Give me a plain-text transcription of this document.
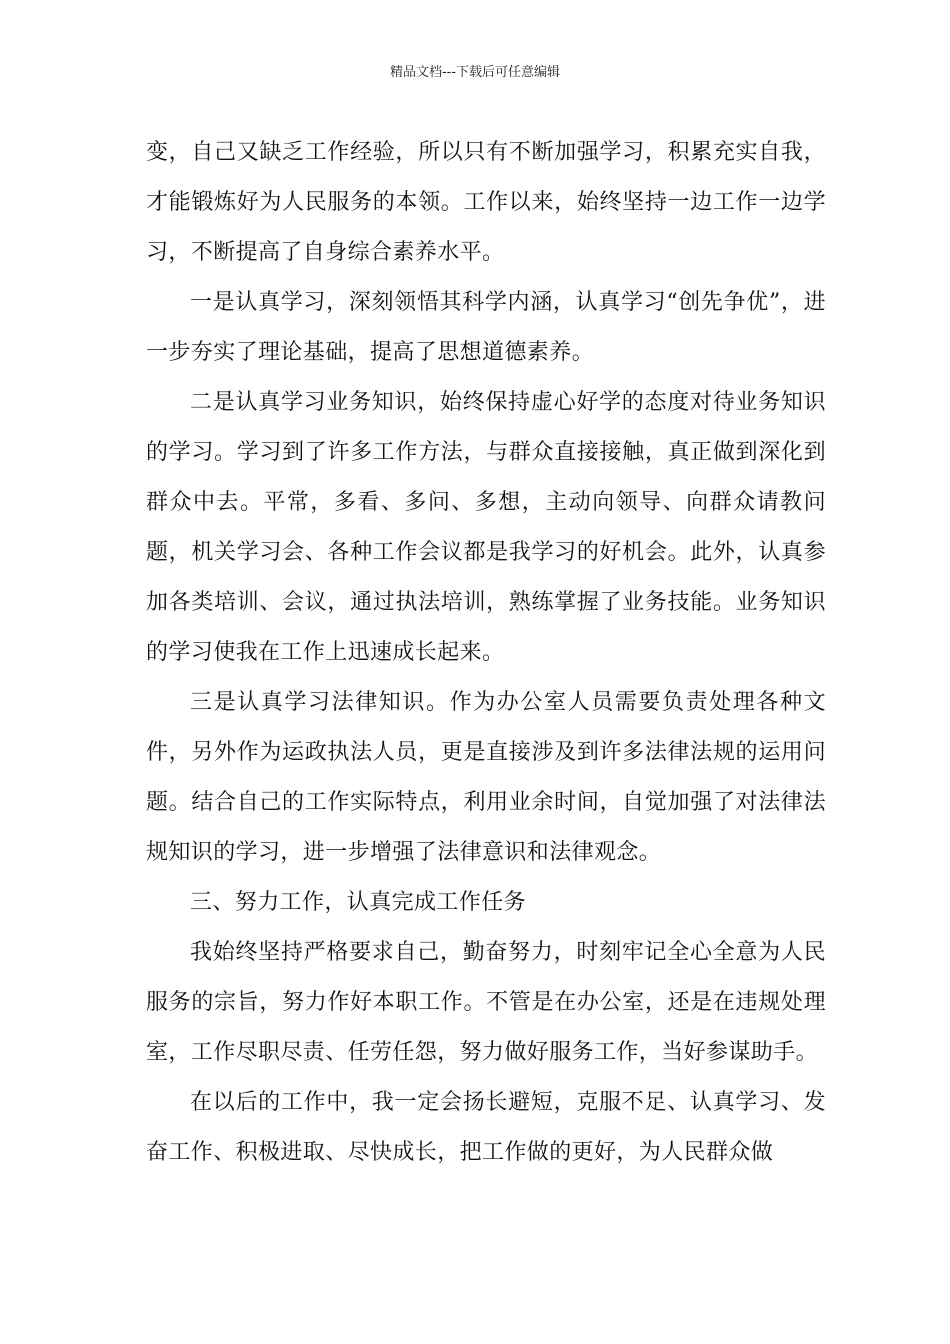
精品文档---下载后可任意编辑

变，自己又缺乏工作经验，所以只有不断加强学习，积累充实自我，才能锻炼好为人民服务的本领。工作以来，始终坚持一边工作一边学习，不断提高了自身综合素养水平。

一是认真学习，深刻领悟其科学内涵，认真学习“创先争优”，进一步夯实了理论基础，提高了思想道德素养。

二是认真学习业务知识，始终保持虚心好学的态度对待业务知识的学习。学习到了许多工作方法，与群众直接接触，真正做到深化到群众中去。平常，多看、多问、多想，主动向领导、向群众请教问题，机关学习会、各种工作会议都是我学习的好机会。此外，认真参加各类培训、会议，通过执法培训，熟练掌握了业务技能。业务知识的学习使我在工作上迅速成长起来。

三是认真学习法律知识。作为办公室人员需要负责处理各种文件，另外作为运政执法人员，更是直接涉及到许多法律法规的运用问题。结合自己的工作实际特点，利用业余时间，自觉加强了对法律法规知识的学习，进一步增强了法律意识和法律观念。

三、努力工作，认真完成工作任务

我始终坚持严格要求自己，勤奋努力，时刻牢记全心全意为人民服务的宗旨，努力作好本职工作。不管是在办公室，还是在违规处理室，工作尽职尽责、任劳任怨，努力做好服务工作，当好参谋助手。

在以后的工作中，我一定会扬长避短，克服不足、认真学习、发奋工作、积极进取、尽快成长，把工作做的更好，为人民群众做
